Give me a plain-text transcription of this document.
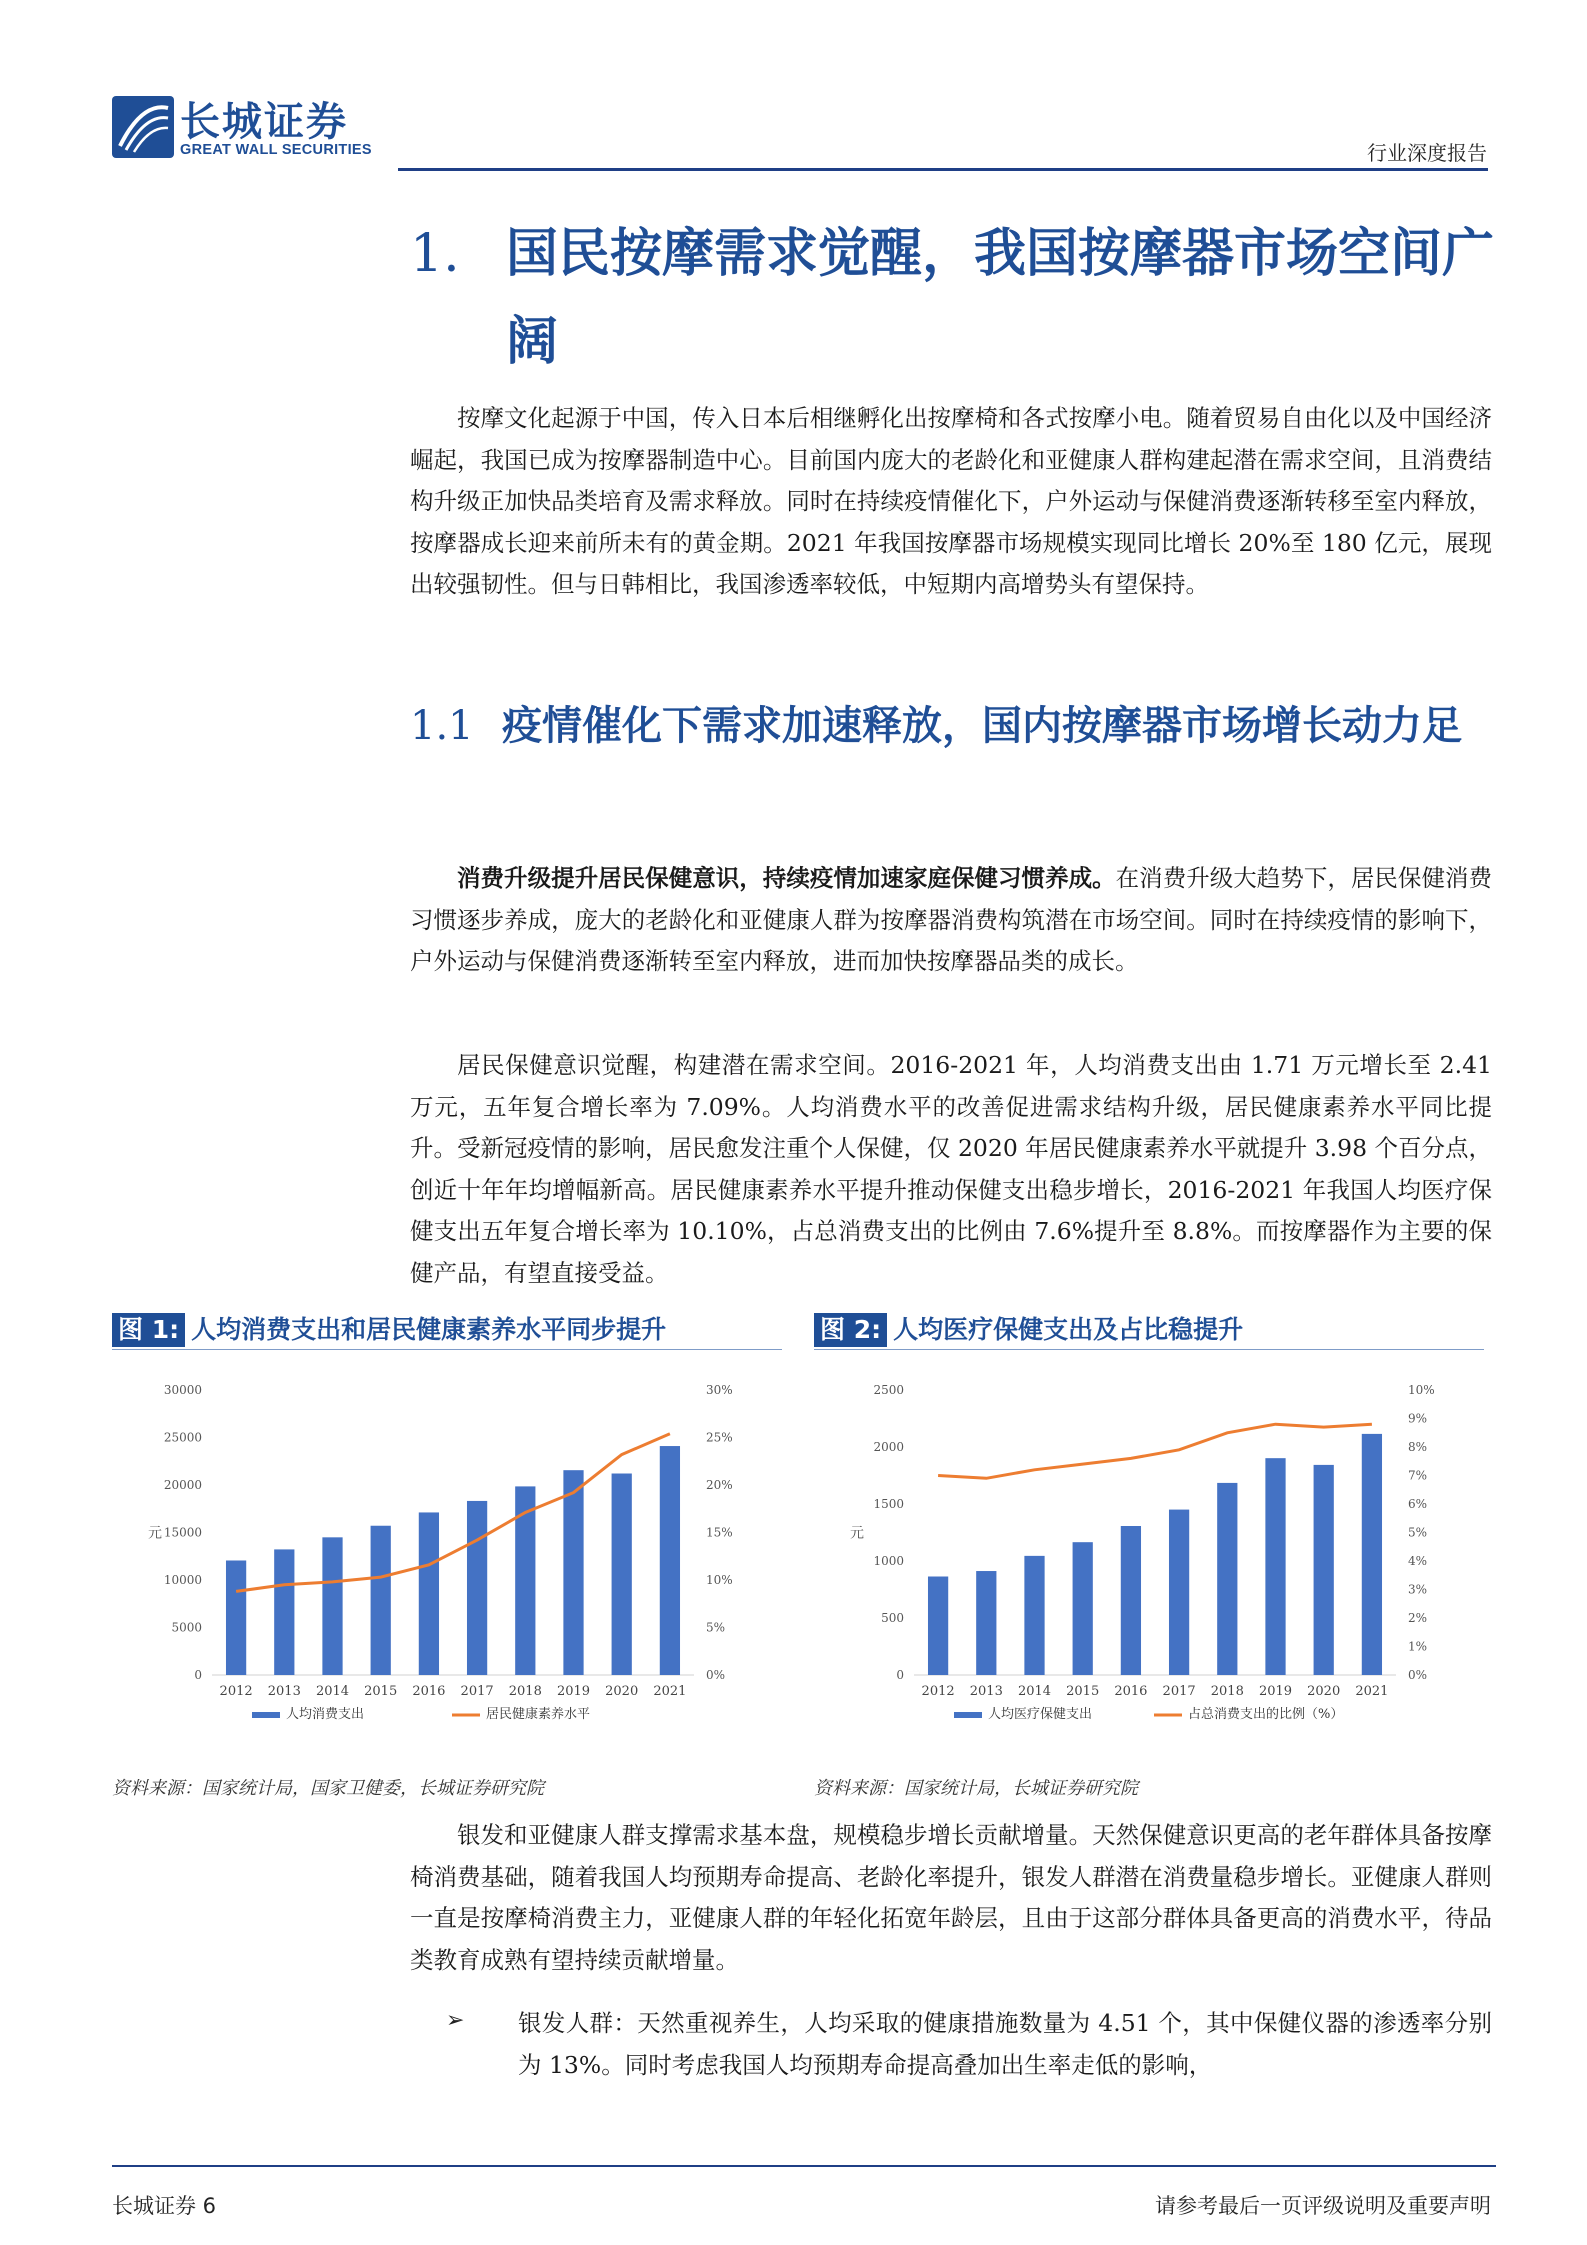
长城证券
GREAT WALL SECURITIES	行业深度报告
1. 国民按摩需求觉醒，我国按摩器市场空间广阔
按摩文化起源于中国，传入日本后相继孵化出按摩椅和各式按摩小电。随着贸易自由化以及中国经济崛起，我国已成为按摩器制造中心。目前国内庞大的老龄化和亚健康人群构建起潜在需求空间，且消费结构升级正加快品类培育及需求释放。同时在持续疫情催化下，户外运动与保健消费逐渐转移至室内释放，按摩器成长迎来前所未有的黄金期。2021 年我国按摩器市场规模实现同比增长 20%至 180 亿元，展现出较强韧性。但与日韩相比，我国渗透率较低，中短期内高增势头有望保持。
1.1 疫情催化下需求加速释放，国内按摩器市场增长动力足
消费升级提升居民保健意识，持续疫情加速家庭保健习惯养成。在消费升级大趋势下，居民保健消费习惯逐步养成，庞大的老龄化和亚健康人群为按摩器消费构筑潜在市场空间。同时在持续疫情的影响下，户外运动与保健消费逐渐转至室内释放，进而加快按摩器品类的成长。
居民保健意识觉醒，构建潜在需求空间。2016-2021 年，人均消费支出由 1.71 万元增长至 2.41 万元，五年复合增长率为 7.09%。人均消费水平的改善促进需求结构升级，居民健康素养水平同比提升。受新冠疫情的影响，居民愈发注重个人保健，仅 2020 年居民健康素养水平就提升 3.98 个百分点，创近十年年均增幅新高。居民健康素养水平提升推动保健支出稳步增长，2016-2021 年我国人均医疗保健支出五年复合增长率为 10.10%，占总消费支出的比例由 7.6%提升至 8.8%。而按摩器作为主要的保健产品，有望直接受益。
图 1: 人均消费支出和居民健康素养水平同步提升
30000
25000
20000
15000
10000
5000
0
30%
25%
20%
15%
10%
5%
0%
元
2012 2013 2014 2015 2016 2017 2018 2019 2020 2021
人均消费支出	居民健康素养水平
资料来源：国家统计局，国家卫健委，长城证券研究院
图 2: 人均医疗保健支出及占比稳提升
2500
2000
1500
1000
500
0
10%
9%
8%
7%
6%
5%
4%
3%
2%
1%
0%
元
2012 2013 2014 2015 2016 2017 2018 2019 2020 2021
人均医疗保健支出	占总消费支出的比例（%）
资料来源：国家统计局，长城证券研究院
银发和亚健康人群支撑需求基本盘，规模稳步增长贡献增量。天然保健意识更高的老年群体具备按摩椅消费基础，随着我国人均预期寿命提高、老龄化率提升，银发人群潜在消费量稳步增长。亚健康人群则一直是按摩椅消费主力，亚健康人群的年轻化拓宽年龄层，且由于这部分群体具备更高的消费水平，待品类教育成熟有望持续贡献增量。
➢ 银发人群：天然重视养生，人均采取的健康措施数量为 4.51 个，其中保健仪器的渗透率分别为 13%。同时考虑我国人均预期寿命提高叠加出生率走低的影响，
长城证券 6	请参考最后一页评级说明及重要声明
